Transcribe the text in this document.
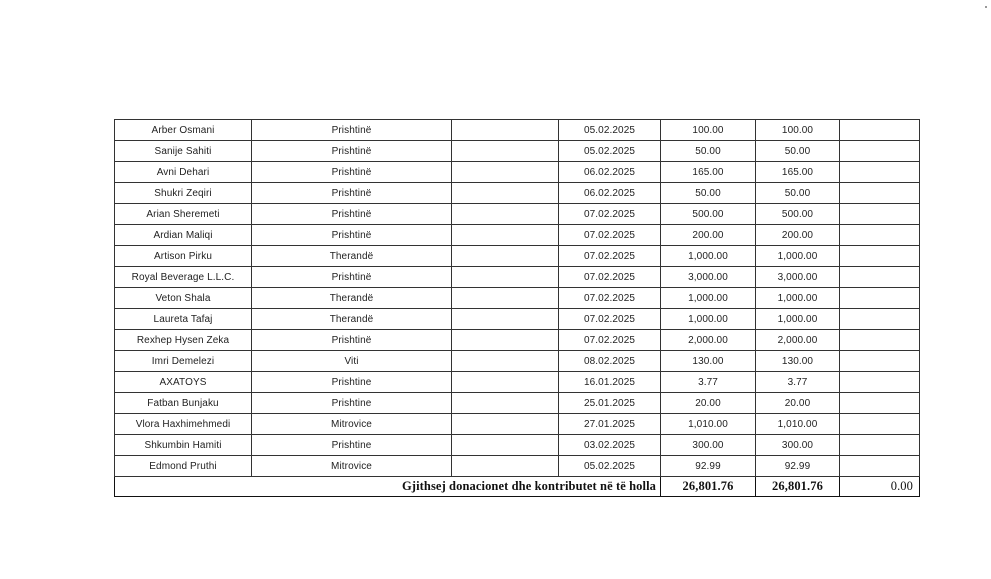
Arber Osmani	Prishtinë		05.02.2025	100.00	100.00	
Sanije Sahiti	Prishtinë		05.02.2025	50.00	50.00	
Avni Dehari	Prishtinë		06.02.2025	165.00	165.00	
Shukri Zeqiri	Prishtinë		06.02.2025	50.00	50.00	
Arian Sheremeti	Prishtinë		07.02.2025	500.00	500.00	
Ardian Maliqi	Prishtinë		07.02.2025	200.00	200.00	
Artison Pirku	Therandë		07.02.2025	1,000.00	1,000.00	
Royal Beverage L.L.C.	Prishtinë		07.02.2025	3,000.00	3,000.00	
Veton Shala	Therandë		07.02.2025	1,000.00	1,000.00	
Laureta Tafaj	Therandë		07.02.2025	1,000.00	1,000.00	
Rexhep Hysen Zeka	Prishtinë		07.02.2025	2,000.00	2,000.00	
Imri Demelezi	Viti		08.02.2025	130.00	130.00	
AXATOYS	Prishtine		16.01.2025	3.77	3.77	
Fatban Bunjaku	Prishtine		25.01.2025	20.00	20.00	
Vlora Haxhimehmedi	Mitrovice		27.01.2025	1,010.00	1,010.00	
Shkumbin Hamiti	Prishtine		03.02.2025	300.00	300.00	
Edmond Pruthi	Mitrovice		05.02.2025	92.99	92.99	
Gjithsej donacionet dhe kontributet në të holla				26,801.76	26,801.76	0.00
